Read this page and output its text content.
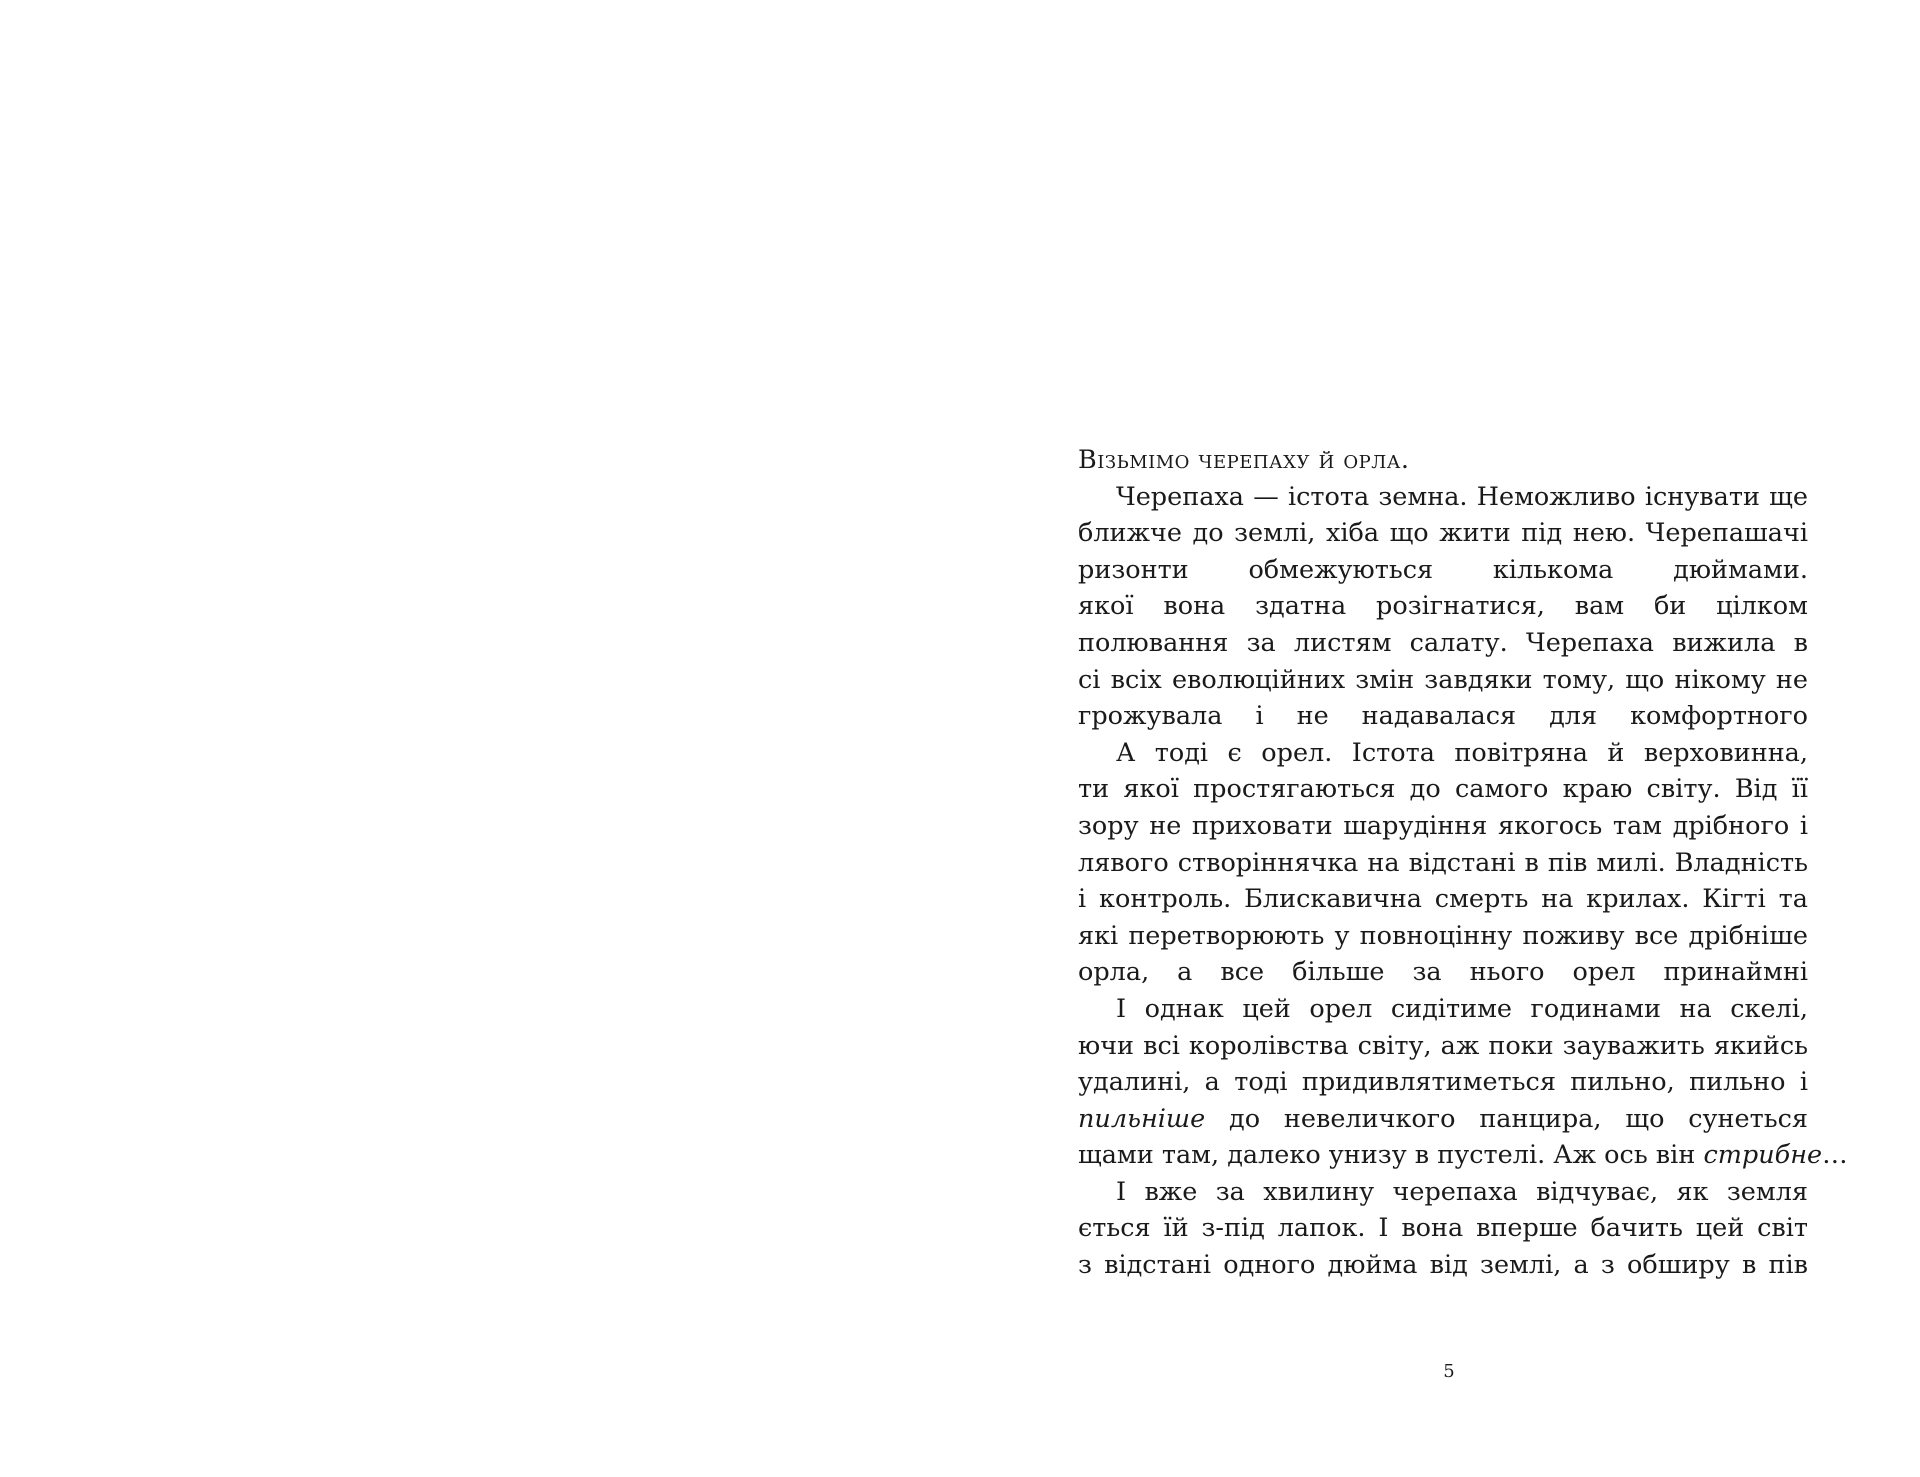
Візьмімо черепаху й орла.
Черепаха — істота земна. Неможливо існувати ще
ближче до землі, хіба що жити під нею. Черепашачі
ризонти обмежуються кількома дюймами.
якої вона здатна розігнатися, вам би цілком
полювання за листям салату. Черепаха вижила в
сі всіх еволюційних змін завдяки тому, що нікому не
грожувала і не надавалася для комфортного
А тоді є орел. Істота повітряна й верховинна,
ти якої простягаються до самого краю світу. Від її
зору не приховати шарудіння якогось там дрібного і
лявого створіннячка на відстані в пів милі. Владність
і контроль. Блискавична смерть на крилах. Кігті та
які перетворюють у повноцінну поживу все дрібніше
орла, а все більше за нього орел принаймні
І однак цей орел сидітиме годинами на скелі,
ючи всі королівства світу, аж поки зауважить якийсь
удалині, а тоді придивлятиметься пильно, пильно і
пильніше до невеличкого панцира, що сунеться
щами там, далеко унизу в пустелі. Аж ось він стрибне…
І вже за хвилину черепаха відчуває, як земля
ється їй з-під лапок. І вона вперше бачить цей світ
з відстані одного дюйма від землі, а з обширу в пів
5
